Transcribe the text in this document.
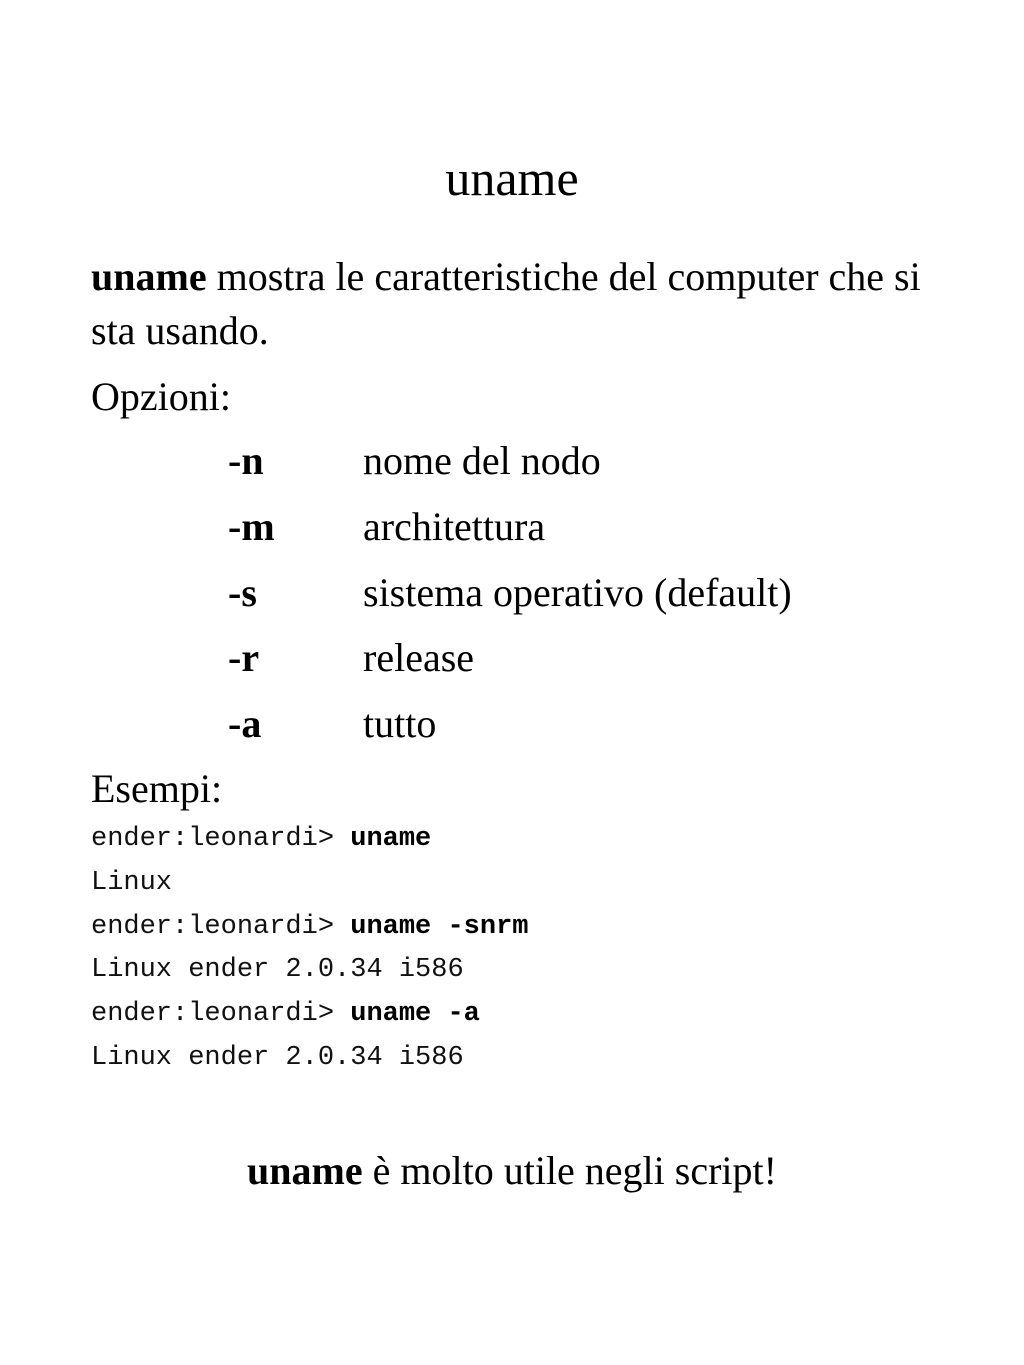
uname
uname mostra le caratteristiche del computer che si sta usando.
Opzioni:
-n nome del nodo
-m architettura
-s	sistema operativo (default)
-r	release
-a	tutto
Esempi:
ender:leonardi> uname
Linux
ender:leonardi> uname -snrm
Linux ender 2.0.34 i586
ender:leonardi> uname -a
Linux ender 2.0.34 i586
uname è molto utile negli script!
